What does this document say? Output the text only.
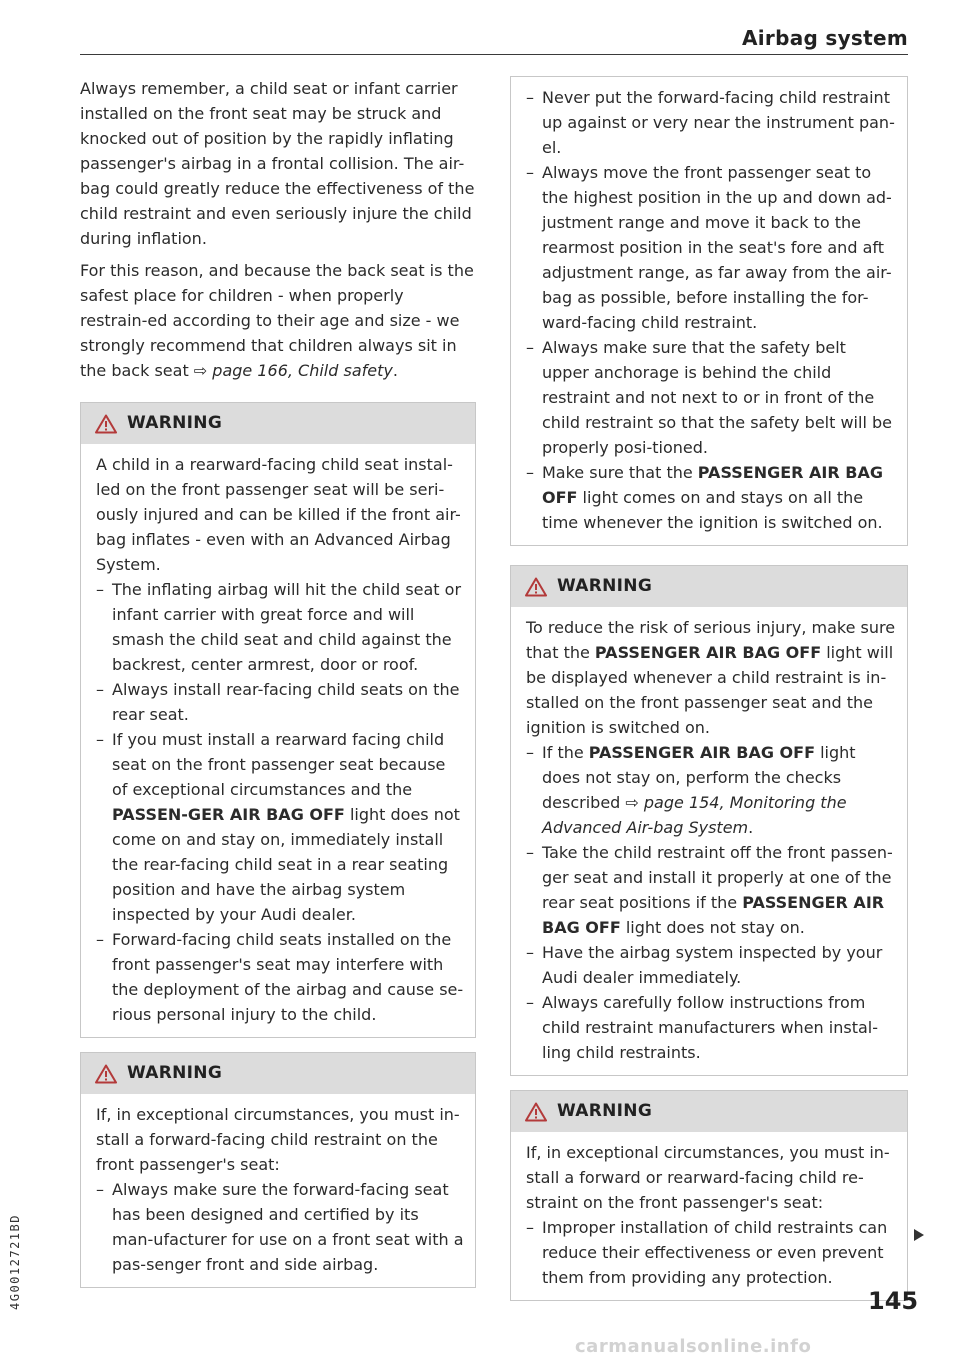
Airbag system
4G0012721BD

Always remember, a child seat or infant carrier installed on the front seat may be struck and knocked out of position by the rapidly inflating passenger's airbag in a frontal collision. The air-bag could greatly reduce the effectiveness of the child restraint and even seriously injure the child during inflation.

For this reason, and because the back seat is the safest place for children - when properly restrain-ed according to their age and size - we strongly recommend that children always sit in the back seat ⇨ page 166, Child safety.

WARNING

A child in a rearward-facing child seat instal-led on the front passenger seat will be seri-ously injured and can be killed if the front air-bag inflates - even with an Advanced Airbag System.

– The inflating airbag will hit the child seat or infant carrier with great force and will smash the child seat and child against the backrest, center armrest, door or roof.
– Always install rear-facing child seats on the rear seat.
– If you must install a rearward facing child seat on the front passenger seat because of exceptional circumstances and the PASSEN-GER AIR BAG OFF light does not come on and stay on, immediately install the rear-facing child seat in a rear seating position and have the airbag system inspected by your Audi dealer.
– Forward-facing child seats installed on the front passenger's seat may interfere with the deployment of the airbag and cause se-rious personal injury to the child.
WARNING

If, in exceptional circumstances, you must in-stall a forward-facing child restraint on the front passenger's seat:

– Always make sure the forward-facing seat has been designed and certified by its man-ufacturer for use on a front seat with a pas-senger front and side airbag.
– Never put the forward-facing child restraint up against or very near the instrument pan-el.
– Always move the front passenger seat to the highest position in the up and down ad-justment range and move it back to the rearmost position in the seat's fore and aft adjustment range, as far away from the air-bag as possible, before installing the for-ward-facing child restraint.
– Always make sure that the safety belt upper anchorage is behind the child restraint and not next to or in front of the child restraint so that the safety belt will be properly posi-tioned.
– Make sure that the PASSENGER AIR BAG OFF light comes on and stays on all the time whenever the ignition is switched on.
WARNING

To reduce the risk of serious injury, make sure that the PASSENGER AIR BAG OFF light will be displayed whenever a child restraint is in-stalled on the front passenger seat and the ignition is switched on.

– If the PASSENGER AIR BAG OFF light does not stay on, perform the checks described ⇨ page 154, Monitoring the Advanced Air-bag System.
– Take the child restraint off the front passen-ger seat and install it properly at one of the rear seat positions if the PASSENGER AIR BAG OFF light does not stay on.
– Have the airbag system inspected by your Audi dealer immediately.
– Always carefully follow instructions from child restraint manufacturers when instal-ling child restraints.
WARNING

If, in exceptional circumstances, you must in-stall a forward or rearward-facing child re-straint on the front passenger's seat:

– Improper installation of child restraints can reduce their effectiveness or even prevent them from providing any protection.
145
carmanualsonline.info
